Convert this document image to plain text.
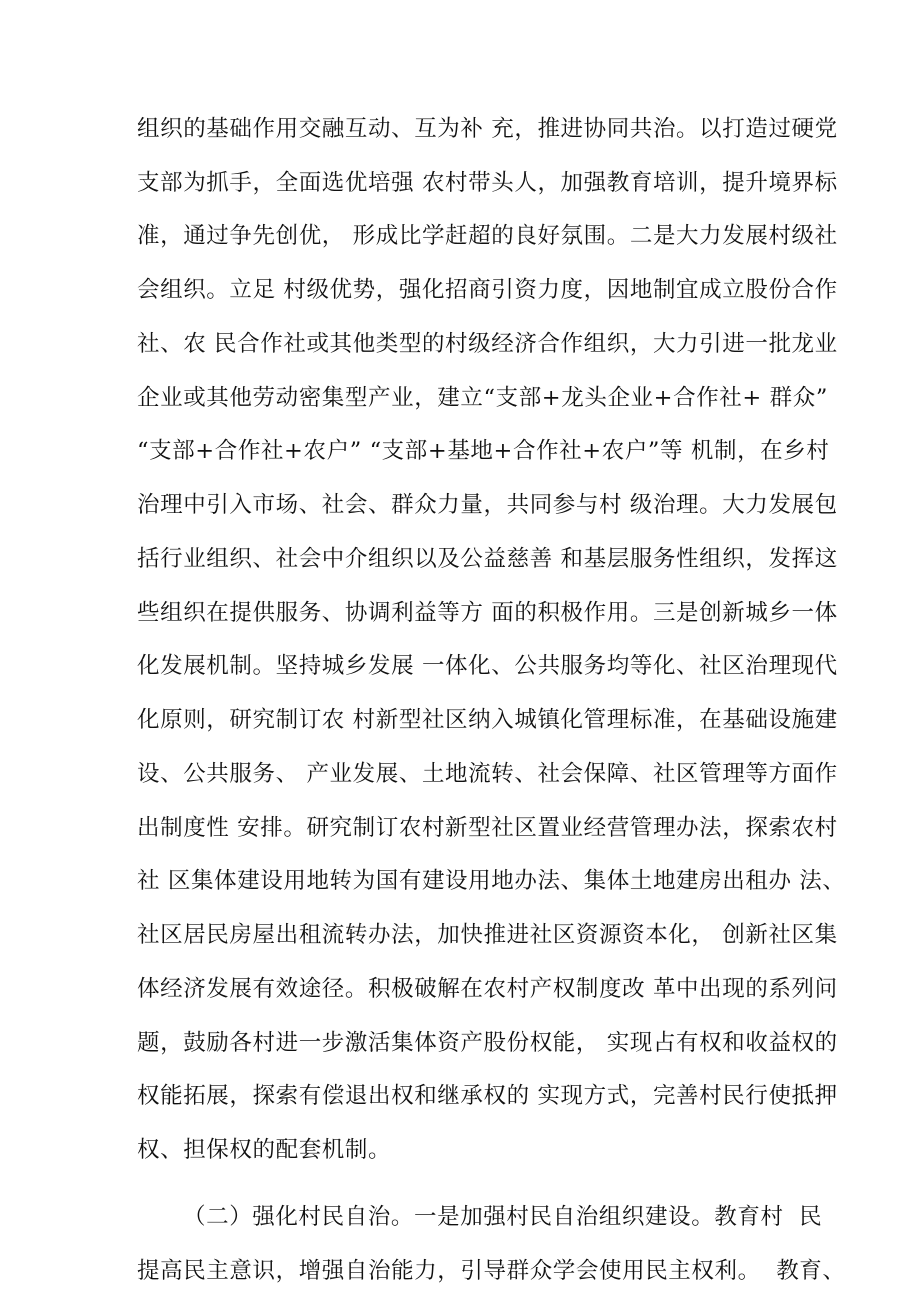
组织的基础作用交融互动、互为补 充，推进协同共治。以打造过硬党
支部为抓手，全面选优培强 农村带头人，加强教育培训，提升境界标
准，通过争先创优， 形成比学赶超的良好氛围。二是大力发展村级社
会组织。立足 村级优势，强化招商引资力度，因地制宜成立股份合作
社、农 民合作社或其他类型的村级经济合作组织，大力引进一批龙业
企业或其他劳动密集型产业，建立“支部+龙头企业+合作社+ 群众”
“支部+合作社+农户” “支部+基地+合作社+农户”等 机制，在乡村
治理中引入市场、社会、群众力量，共同参与村 级治理。大力发展包
括行业组织、社会中介组织以及公益慈善 和基层服务性组织，发挥这
些组织在提供服务、协调利益等方 面的积极作用。三是创新城乡一体
化发展机制。坚持城乡发展 一体化、公共服务均等化、社区治理现代
化原则，研究制订农 村新型社区纳入城镇化管理标准，在基础设施建
设、公共服务、 产业发展、土地流转、社会保障、社区管理等方面作
出制度性 安排。研究制订农村新型社区置业经营管理办法，探索农村
社 区集体建设用地转为国有建设用地办法、集体土地建房出租办 法、
社区居民房屋出租流转办法，加快推进社区资源资本化， 创新社区集
体经济发展有效途径。积极破解在农村产权制度改 革中出现的系列问
题，鼓励各村进一步激活集体资产股份权能， 实现占有权和收益权的
权能拓展，探索有偿退出权和继承权的 实现方式，完善村民行使抵押
权、担保权的配套机制。
（二）强化村民自治。一是加强村民自治组织建设。教育村  民
提高民主意识，增强自治能力，引导群众学会使用民主权利。  教育、
